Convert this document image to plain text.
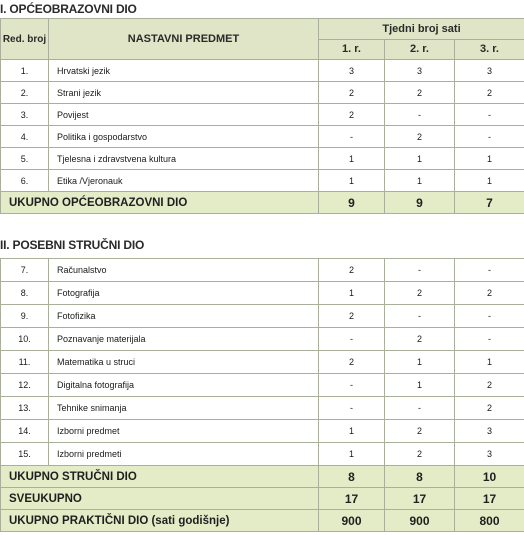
I. OPĆEOBRAZOVNI DIO
Red. broj	NASTAVNI PREDMET	Tjedni broj sati		
		1. r.	2. r.	3. r.
1.	Hrvatski jezik	3	3	3
2.	Strani jezik	2	2	2
3.	Povijest	2	-	-
4.	Politika i gospodarstvo	-	2	-
5.	Tjelesna i zdravstvena kultura	1	1	1
6.	Etika /Vjeronauk	1	1	1
UKUPNO OPĆEOBRAZOVNI DIO		9	9	7
II. POSEBNI STRUČNI DIO
7.	Računalstvo	2	-	-
8.	Fotografija	1	2	2
9.	Fotofizika	2	-	-
10.	Poznavanje materijala	-	2	-
11.	Matematika u struci	2	1	1
12.	Digitalna fotografija	-	1	2
13.	Tehnike snimanja	-	-	2
14.	Izborni predmet	1	2	3
15.	Izborni predmeti	1	2	3
UKUPNO STRUČNI DIO		8	8	10
SVEUKUPNO		17	17	17
UKUPNO PRAKTIČNI DIO (sati godišnje)		900	900	800
